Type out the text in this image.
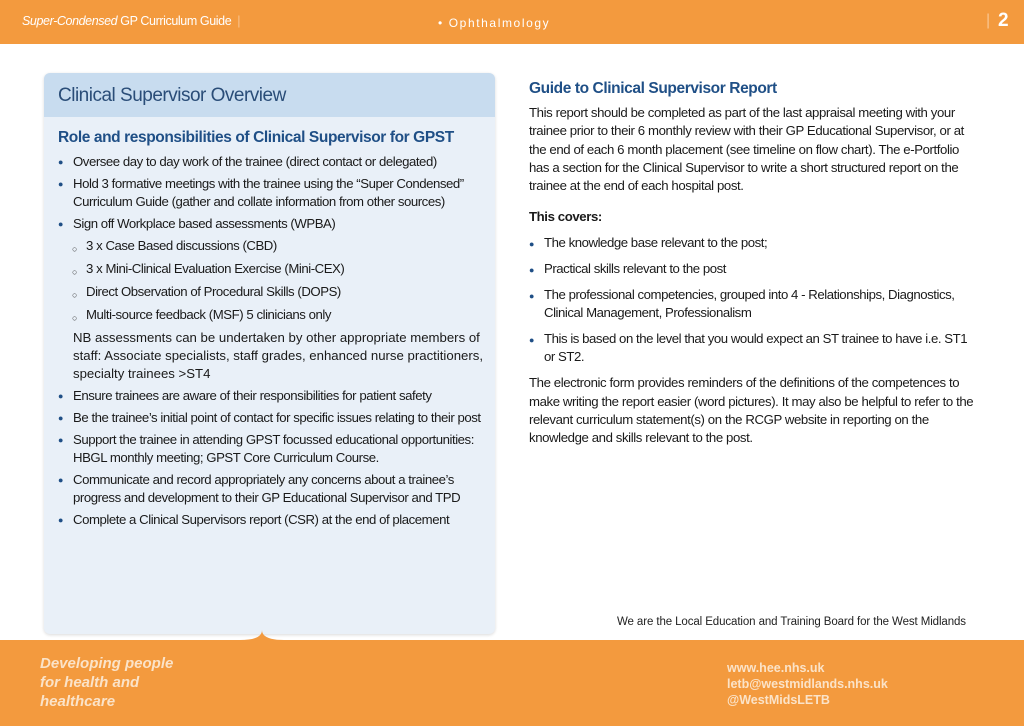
Super-Condensed GP Curriculum Guide |	• Ophthalmology	| 2
Clinical Supervisor Overview
Role and responsibilities of Clinical Supervisor for GPST
● Oversee day to day work of the trainee (direct contact or delegated)
● Hold 3 formative meetings with the trainee using the “Super Condensed” Curriculum Guide (gather and collate information from other sources)
● Sign off Workplace based assessments (WPBA)
○ 3 x Case Based discussions (CBD)
○ 3 x Mini-Clinical Evaluation Exercise (Mini-CEX)
○ Direct Observation of Procedural Skills (DOPS)
○ Multi-source feedback (MSF) 5 clinicians only
NB assessments can be undertaken by other appropriate members of staff: Associate specialists, staff grades, enhanced nurse practitioners, specialty trainees >ST4
● Ensure trainees are aware of their responsibilities for patient safety
● Be the trainee’s initial point of contact for specific issues relating to their post
● Support the trainee in attending GPST focussed educational opportunities: HBGL monthly meeting; GPST Core Curriculum Course.
● Communicate and record appropriately any concerns about a trainee’s progress and development to their GP Educational Supervisor and TPD
● Complete a Clinical Supervisors report (CSR) at the end of placement
Guide to Clinical Supervisor Report

This report should be completed as part of the last appraisal meeting with your trainee prior to their 6 monthly review with their GP Educational Supervisor, or at the end of each 6 month placement (see timeline on flow chart). The e-Portfolio has a section for the Clinical Supervisor to write a short structured report on the trainee at the end of each hospital post.

This covers:
● The knowledge base relevant to the post;
● Practical skills relevant to the post
● The professional competencies, grouped into 4 - Relationships, Diagnostics, Clinical Management, Professionalism
● This is based on the level that you would expect an ST trainee to have i.e. ST1 or ST2.

The electronic form provides reminders of the definitions of the competences to make writing the report easier (word pictures). It may also be helpful to refer to the relevant curriculum statement(s) on the RCGP website in reporting on the knowledge and skills relevant to the post.

We are the Local Education and Training Board for the West Midlands
Developing people
for health and
healthcare
www.hee.nhs.uk
letb@westmidlands.nhs.uk
@WestMidsLETB
